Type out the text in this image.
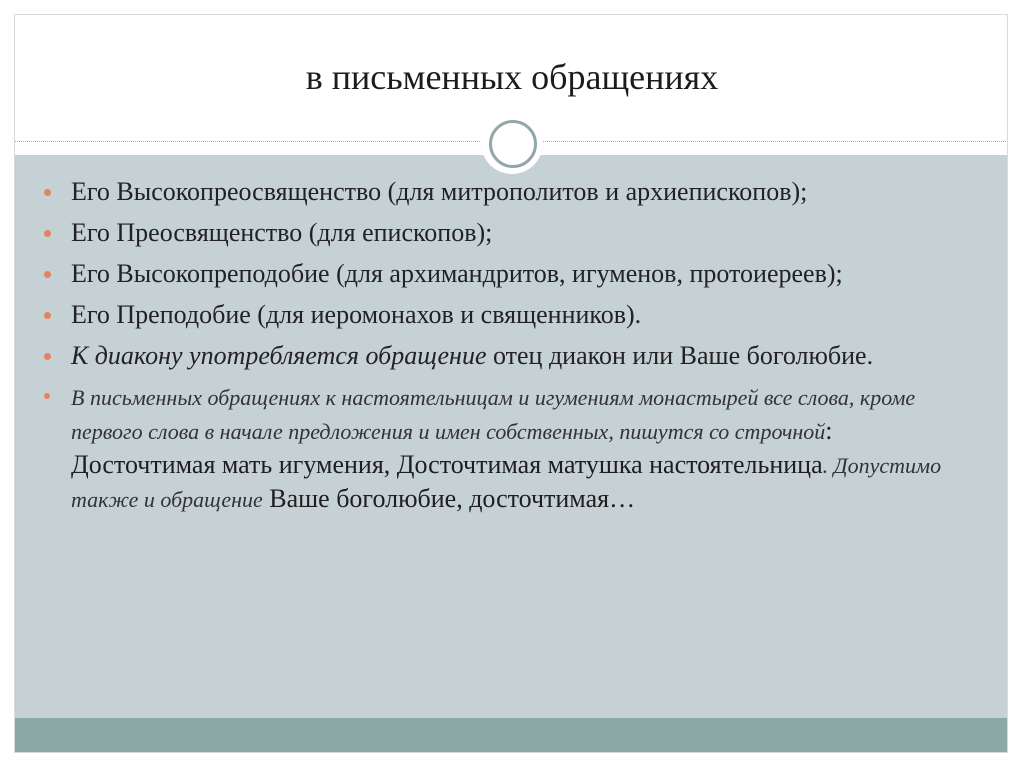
в письменных обращениях
Его Высокопреосвященство (для митрополитов и архиепископов);
Его Преосвященство (для епископов);
Его Высокопреподобие (для архимандритов, игуменов, протоиереев);
Его Преподобие (для иеромонахов и священников).
К диакону употребляется обращение отец диакон или Ваше боголюбие.
В письменных обращениях к настоятельницам и игумениям монастырей все слова, кроме первого слова в начале предложения и имен собственных, пишутся со строчной: Досточтимая мать игумения, Досточтимая матушка настоятельница. Допустимо также и обращение Ваше боголюбие, досточтимая…
